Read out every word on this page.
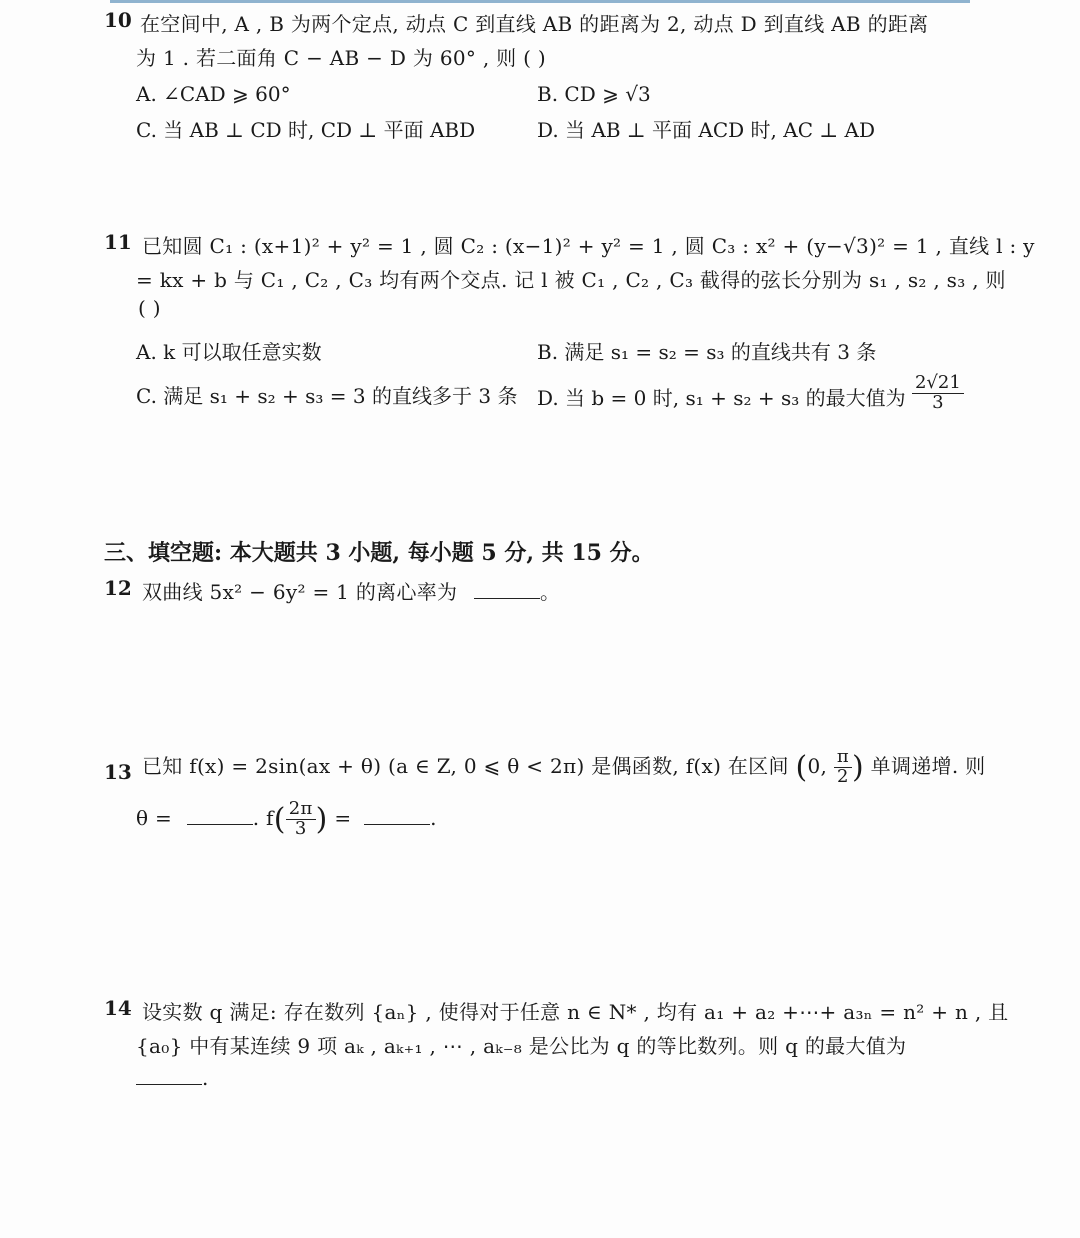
10 在空间中, A , B 为两个定点, 动点 C 到直线 AB 的距离为 2, 动点 D 到直线 AB 的距离
为 1 . 若二面角 C − AB − D 为 60° , 则 ( )
A. ∠CAD ⩾ 60°	B. CD ⩾ √3
C. 当 AB ⊥ CD 时, CD ⊥ 平面 ABD	D. 当 AB ⊥ 平面 ACD 时, AC ⊥ AD
11 已知圆 C₁ : (x+1)² + y² = 1 , 圆 C₂ : (x−1)² + y² = 1 , 圆 C₃ : x² + (y−√3)² = 1 , 直线 l : y
= kx + b 与 C₁ , C₂ , C₃ 均有两个交点. 记 l 被 C₁ , C₂ , C₃ 截得的弦长分别为 s₁ , s₂ , s₃ , 则
( )
A. k 可以取任意实数	B. 满足 s₁ = s₂ = s₃ 的直线共有 3 条
C. 满足 s₁ + s₂ + s₃ = 3 的直线多于 3 条 D. 当 b = 0 时, s₁ + s₂ + s₃ 的最大值为 $\frac{2√21}{3}$
三、填空题: 本大题共 3 小题, 每小题 5 分, 共 15 分。
12 双曲线 5x² − 6y² = 1 的离心率为	。
13 已知 f(x) = 2sin(ax + θ) (a ∈ Z, 0 ⩽ θ < 2π) 是偶函数, f(x) 在区间 (0, $\frac{\pi}{2}$ ) 单调递增. 则
θ =	. $f( \frac{2\pi}{3}$ ) =	.
14 设实数 q 满足: 存在数列 {aₙ} , 使得对于任意 n ∈ N* , 均有 a₁ + a₂ +⋯+ a₃ₙ = n² + n , 且
{a₀} 中有某连续 9 项 aₖ , aₖ₊₁ , ⋯ , aₖ₋₈ 是公比为 q 的等比数列。则 q 的最大值为
.
